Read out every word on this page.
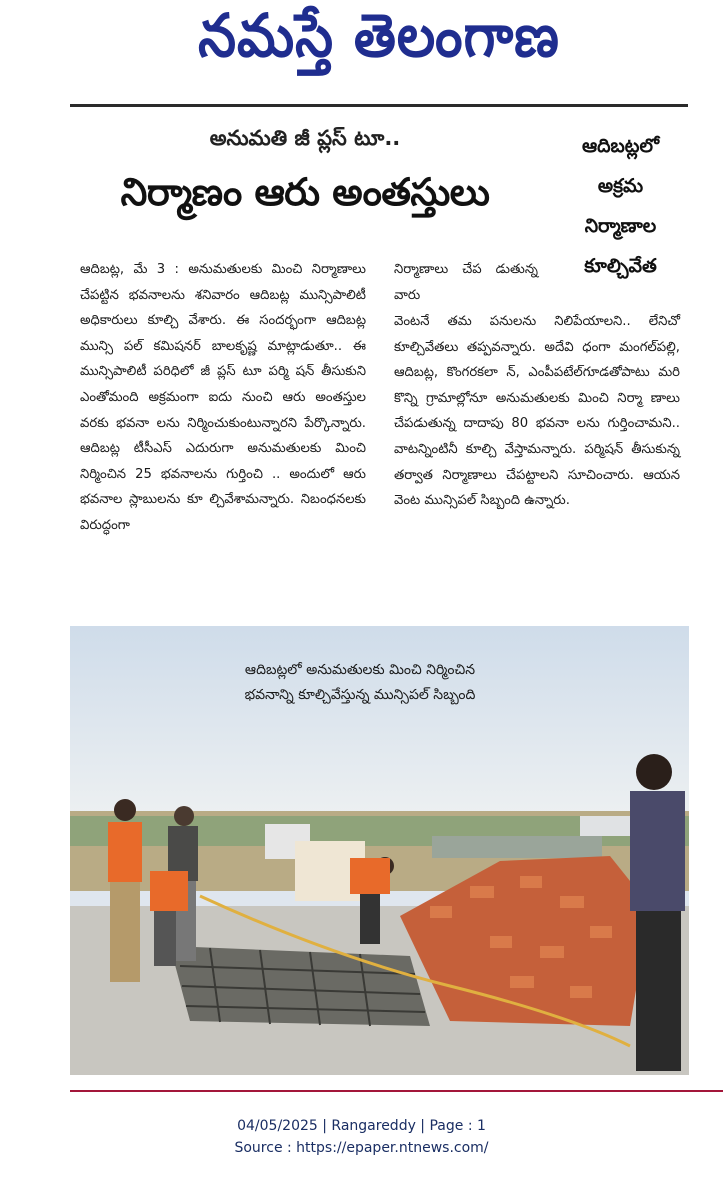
నమస్తే తెలంగాణ
అనుమతి జీ ప్లస్ టూ..
నిర్మాణం ఆరు అంతస్తులు
ఆదిబట్లలో
అక్రమ
నిర్మాణాల
కూల్చివేత
ఆదిబట్ల, మే 3 : అనుమతులకు మించి నిర్మాణాలు చేపట్టిన భవనాలను శనివారం ఆదిబట్ల మున్సిపాలిటీ అధికారులు కూల్చి వేశారు. ఈ సందర్భంగా ఆదిబట్ల మున్సి పల్ కమిషనర్ బాలకృష్ణ మాట్లాడుతూ.. ఈ మున్సిపాలిటీ పరిధిలో జీ ప్లస్ టూ పర్మి షన్ తీసుకుని ఎంతోమంది అక్రమంగా ఐదు నుంచి ఆరు అంతస్తుల వరకు భవనా లను నిర్మించుకుంటున్నారని పేర్కొన్నారు. ఆదిబట్ల టీసీఎస్ ఎదురుగా అనుమతులకు మించి నిర్మించిన 25 భవనాలను గుర్తించి .. అందులో ఆరు భవనాల స్లాబులను కూ ల్చివేశామన్నారు. నిబంధనలకు విరుద్ధంగా
నిర్మాణాలు చేప డుతున్న వారు
వెంటనే తమ పనులను నిలిపేయాలని.. లేనిచో కూల్చివేతలు తప్పవన్నారు. అదేవి ధంగా మంగల్‌పల్లి, ఆదిబట్ల, కొంగరకలా న్, ఎంపీపటేల్‌గూడతోపాటు మరి కొన్ని గ్రామాల్లోనూ అనుమతులకు మించి నిర్మా ణాలు చేపడుతున్న దాదాపు 80 భవనా లను గుర్తించామని.. వాటన్నింటినీ కూల్చి వేస్తామన్నారు. పర్మిషన్ తీసుకున్న తర్వాత నిర్మాణాలు చేపట్టాలని సూచించారు. ఆయన వెంట మున్సిపల్ సిబ్బంది ఉన్నారు.
ఆదిబట్లలో అనుమతులకు మించి నిర్మించిన
భవనాన్ని కూల్చివేస్తున్న మున్సిపల్ సిబ్బంది
04/05/2025 | Rangareddy | Page : 1
Source : https://epaper.ntnews.com/
